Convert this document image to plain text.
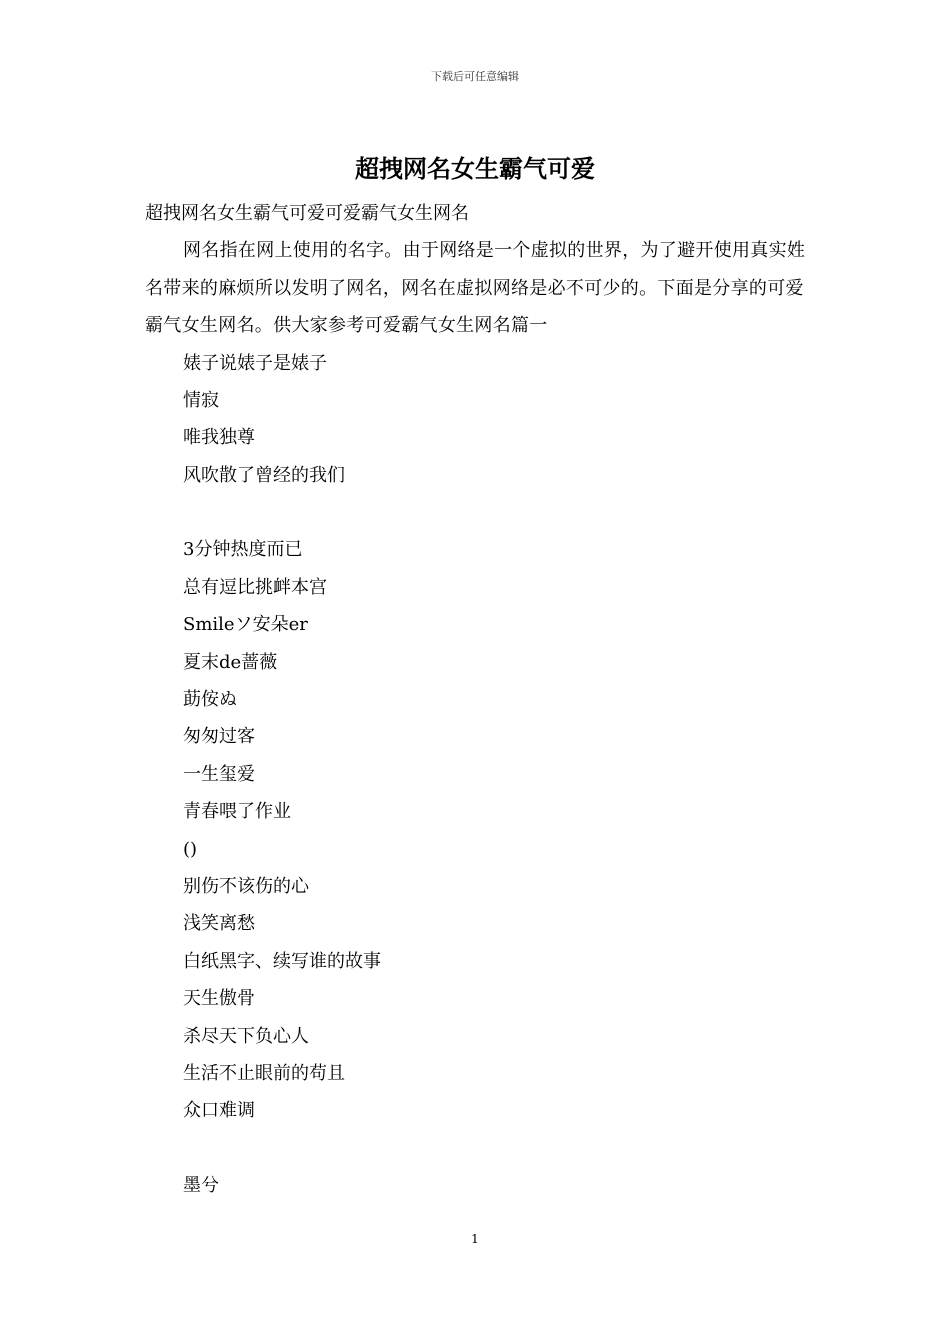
下载后可任意编辑
超拽网名女生霸气可爱
超拽网名女生霸气可爱可爱霸气女生网名
网名指在网上使用的名字。由于网络是一个虚拟的世界，为了避开使用真实姓名带来的麻烦所以发明了网名，网名在虚拟网络是必不可少的。下面是分享的可爱霸气女生网名。供大家参考可爱霸气女生网名篇一
婊子说婊子是婊子
情寂
唯我独尊
风吹散了曾经的我们
3分钟热度而已
总有逗比挑衅本宫
Smileソ安朵er
夏末de蔷薇
莇侒ぬ
匆匆过客
一生玺爱
青春喂了作业
()
别伤不该伤的心
浅笑离愁
白纸黑字、续写谁的故事
天生傲骨
杀尽天下负心人
生活不止眼前的苟且
众口难调
墨兮
1
